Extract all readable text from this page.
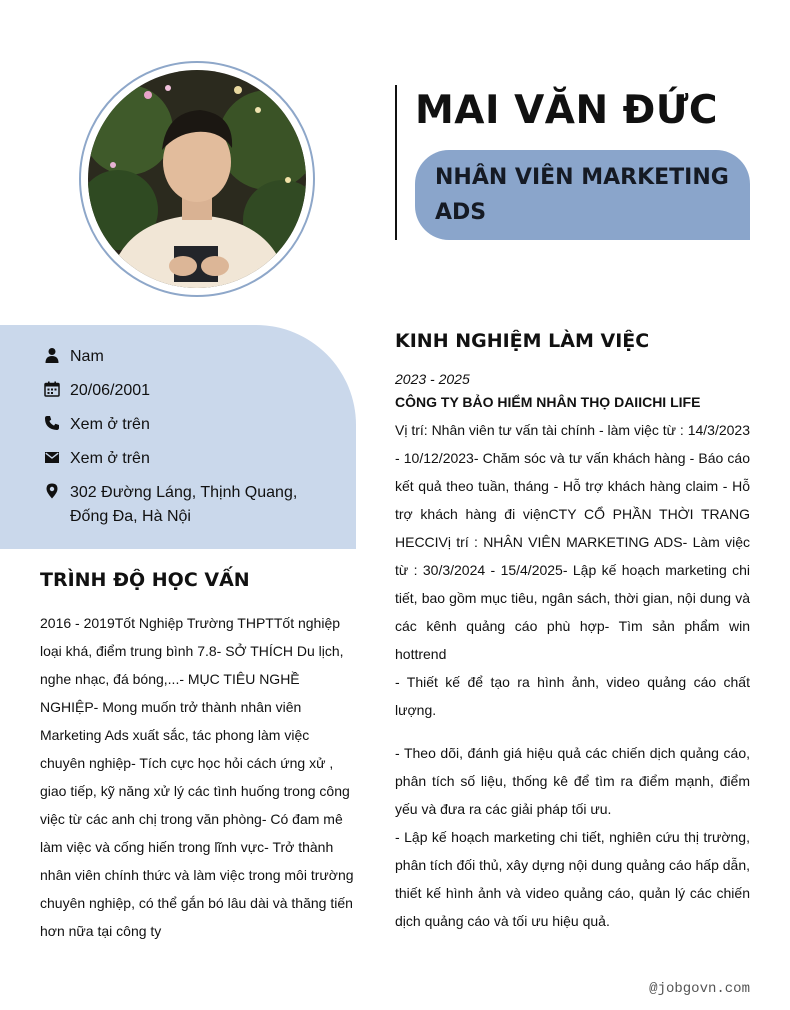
MAI VĂN ĐỨC
NHÂN VIÊN MARKETING ADS
Nam
20/06/2001
Xem ở trên
Xem ở trên
302 Đường Láng, Thịnh Quang, Đống Đa, Hà Nội
TRÌNH ĐỘ HỌC VẤN
2016 - 2019Tốt Nghiệp Trường THPTTốt nghiệp loại khá, điểm trung bình 7.8- SỞ THÍCH Du lịch, nghe nhạc, đá bóng,...- MỤC TIÊU NGHỀ NGHIỆP- Mong muốn trở thành nhân viên Marketing Ads xuất sắc, tác phong làm việc chuyên nghiệp- Tích cực học hỏi cách ứng xử , giao tiếp, kỹ năng xử lý các tình huống trong công việc từ các anh chị trong văn phòng- Có đam mê làm việc và cống hiến trong lĩnh vực- Trở thành nhân viên chính thức và làm việc trong môi trường chuyên nghiệp, có thể gắn bó lâu dài và thăng tiến hơn nữa tại công ty
KINH NGHIỆM LÀM VIỆC
2023 - 2025
CÔNG TY BẢO HIỂM NHÂN THỌ DAIICHI LIFE

Vị trí: Nhân viên tư vấn tài chính - làm việc từ : 14/3/2023 - 10/12/2023- Chăm sóc và tư vấn khách hàng - Báo cáo kết quả theo tuần, tháng - Hỗ trợ khách hàng claim - Hỗ trợ khách hàng đi việnCTY CỔ PHẦN THỜI TRANG HECCIVị trí : NHÂN VIÊN MARKETING ADS- Làm việc từ : 30/3/2024 - 15/4/2025- Lập kế hoạch marketing chi tiết, bao gồm mục tiêu, ngân sách, thời gian, nội dung và các kênh quảng cáo phù hợp- Tìm sản phẩm win hottrend

- Thiết kế để tạo ra hình ảnh, video quảng cáo chất lượng.

- Theo dõi, đánh giá hiệu quả các chiến dịch quảng cáo, phân tích số liệu, thống kê để tìm ra điểm mạnh, điểm yếu và đưa ra các giải pháp tối ưu.

- Lập kế hoạch marketing chi tiết, nghiên cứu thị trường, phân tích đối thủ, xây dựng nội dung quảng cáo hấp dẫn, thiết kế hình ảnh và video quảng cáo, quản lý các chiến dịch quảng cáo và tối ưu hiệu quả.

@jobgovn.com
